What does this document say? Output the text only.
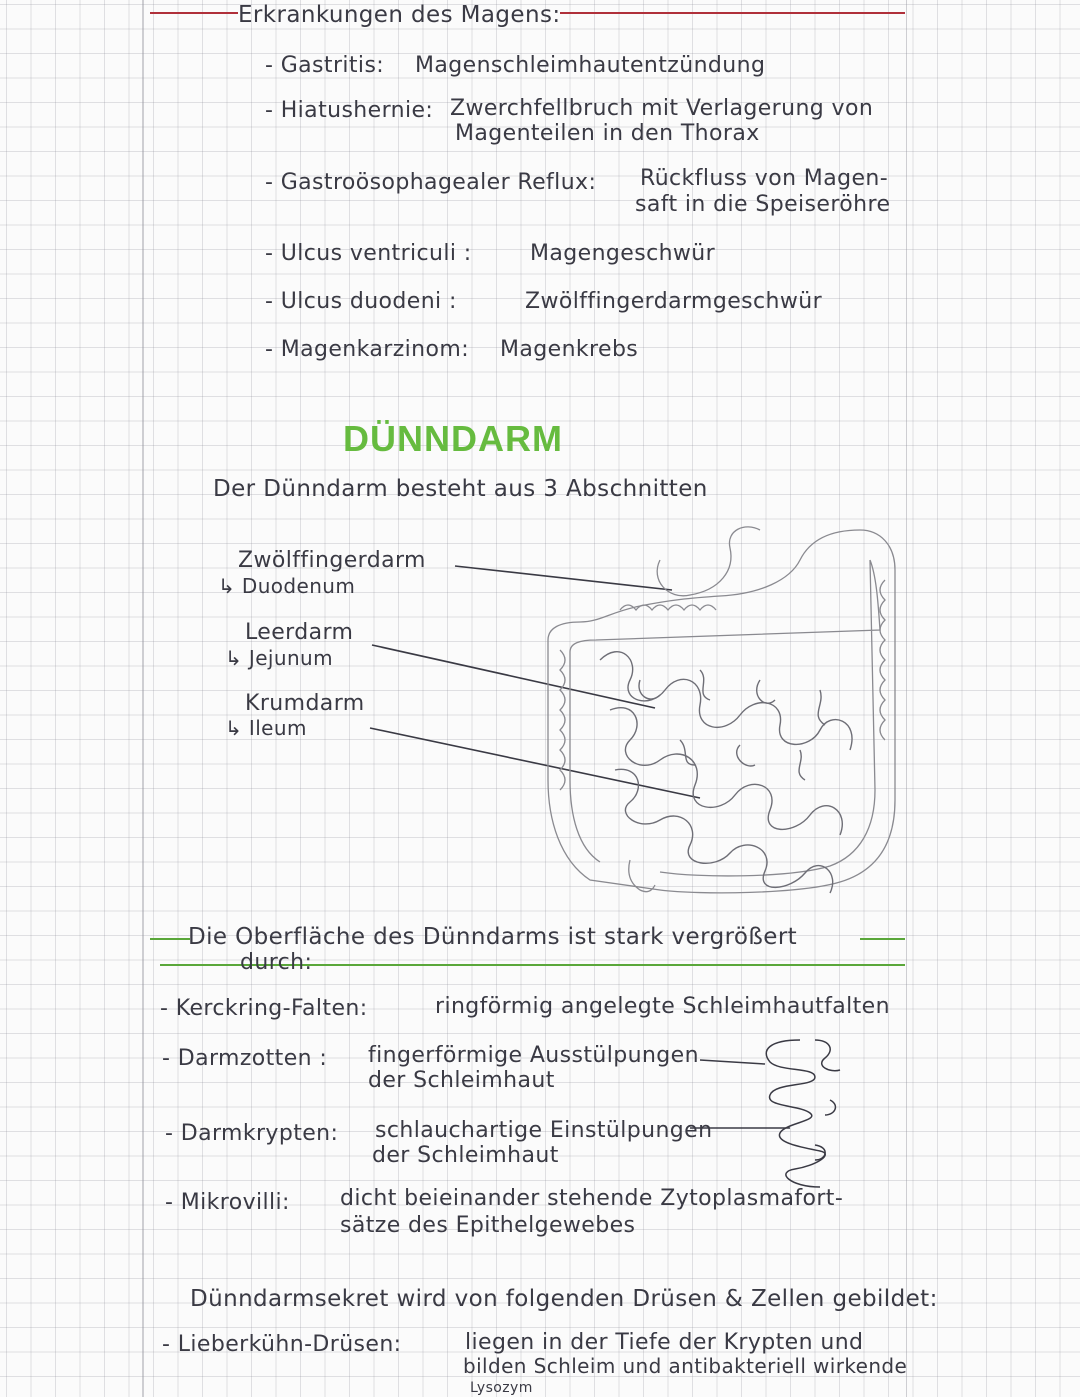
Erkrankungen des Magens:
- Gastritis: Magenschleimhautentzündung
- Hiatushernie: Zwerchfellbruch mit Verlagerung von
Magenteilen in den Thorax
- Gastroösophagealer Reflux: Rückfluss von Magen-
saft in die Speiseröhre
- Ulcus ventriculi :	Magengeschwür
- Ulcus duodeni :	Zwölffingerdarmgeschwür
- Magenkarzinom: Magenkrebs
DÜNNDARM
Der Dünndarm besteht aus 3 Abschnitten
Zwölffingerdarm
↳ Duodenum
Leerdarm
↳ Jejunum
Krumdarm
↳ Ileum
Die Oberfläche des Dünndarms ist stark vergrößert
durch:
- Kerckring-Falten:	ringförmig angelegte Schleimhautfalten
- Darmzotten : fingerförmige Ausstülpungen
der Schleimhaut
- Darmkrypten: schlauchartige Einstülpungen
der Schleimhaut
- Mikrovilli: dicht beieinander stehende Zytoplasmafort-
sätze des Epithelgewebes
Dünndarmsekret wird von folgenden Drüsen & Zellen gebildet:
- Lieberkühn-Drüsen:	liegen in der Tiefe der Krypten und
bilden Schleim und antibakteriell wirkende
Lysozym
